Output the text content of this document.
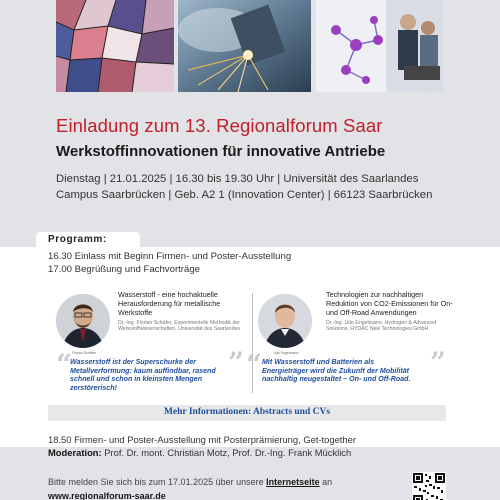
© Foto / rugk
Einladung zum 13. Regionalforum Saar
Werkstoffinnovationen für innovative Antriebe
Dienstag | 21.01.2025 | 16.30 bis 19.30 Uhr | Universität des Saarlandes
Campus Saarbrücken | Geb. A2 1 (Innovation Center) | 66123 Saarbrücken
Programm:
16.30 Einlass mit Beginn Firmen- und Poster-Ausstellung
17.00 Begrüßung und Fachvorträge
Florian Schäfer
Wasserstoff - eine hochaktuelle Herausforderung für metallische Werkstoffe
Dr.-Ing. Florian Schäfer, Experimentelle Methodik der Werkstoffwissenschaften, Universität des Saarlandes
“
Wasserstoff ist der Superschurke der Metallverformung: kaum auffindbar, rasend schnell und schon in kleinsten Mengen zerstörerisch!
”	Udo Engelmann
Technologien zur nachhaltigen Reduktion von CO2-Emissionen für On- und Off-Road Anwendungen
Dr.-Ing. Udo Engelmann, Hydrogen & Advanced Solutions, HYDAC New Technologies GmbH
“ Mit Wasserstoff und Batterien als Energieträger wird die Zukunft der Mobilität nachhaltig neugestaltet – On- und Off-Road.
”
Mehr Informationen: Abstracts und CVs
18.50 Firmen- und Poster-Ausstellung mit Posterprämierung, Get-together
Moderation: Prof. Dr. mont. Christian Motz, Prof. Dr.-Ing. Frank Mücklich
Bitte melden Sie sich bis zum 17.01.2025 über unsere Internetseite an
www.regionalforum-saar.de
